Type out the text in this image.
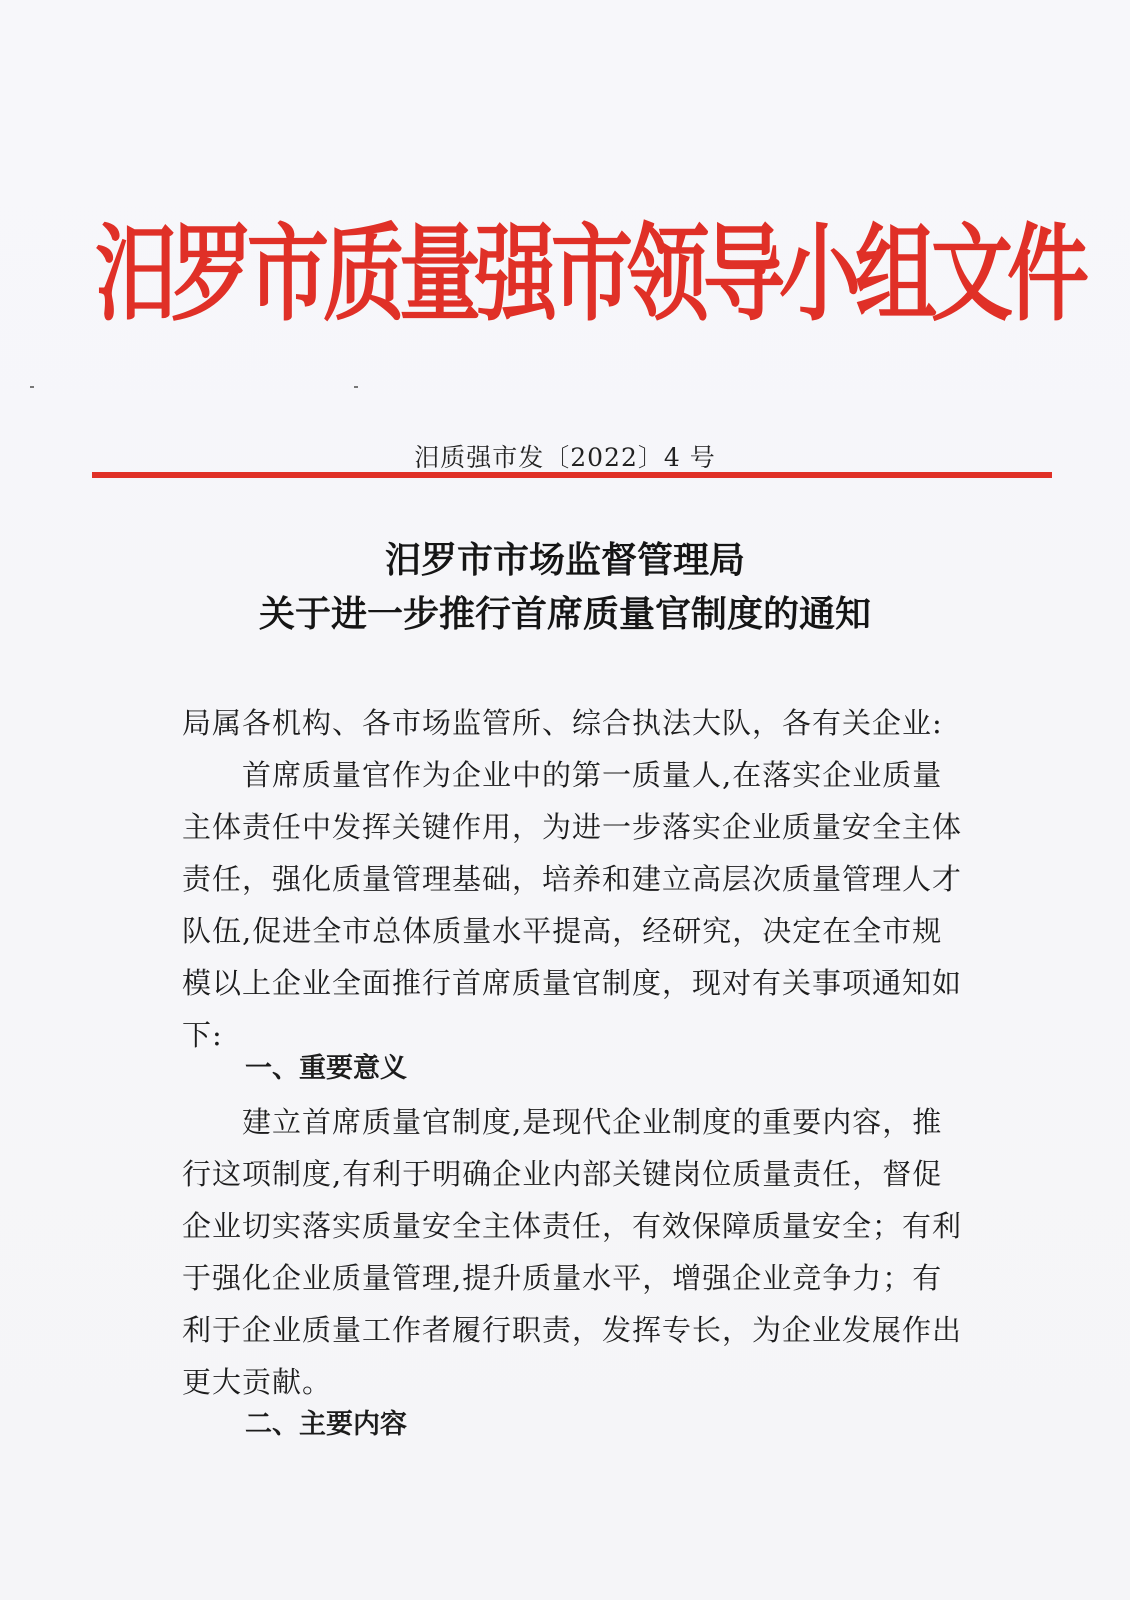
汨罗市质量强市领导小组文件
汨质强市发〔2022〕4 号
汨罗市市场监督管理局
关于进一步推行首席质量官制度的通知
局属各机构、各市场监管所、综合执法大队，各有关企业:
首席质量官作为企业中的第一质量人,在落实企业质量主体责任中发挥关键作用，为进一步落实企业质量安全主体责任，强化质量管理基础，培养和建立高层次质量管理人才队伍,促进全市总体质量水平提高，经研究，决定在全市规模以上企业全面推行首席质量官制度，现对有关事项通知如下:
一、重要意义
建立首席质量官制度,是现代企业制度的重要内容，推行这项制度,有利于明确企业内部关键岗位质量责任，督促企业切实落实质量安全主体责任，有效保障质量安全；有利于强化企业质量管理,提升质量水平，增强企业竞争力；有利于企业质量工作者履行职责，发挥专长，为企业发展作出更大贡献。
二、主要内容
